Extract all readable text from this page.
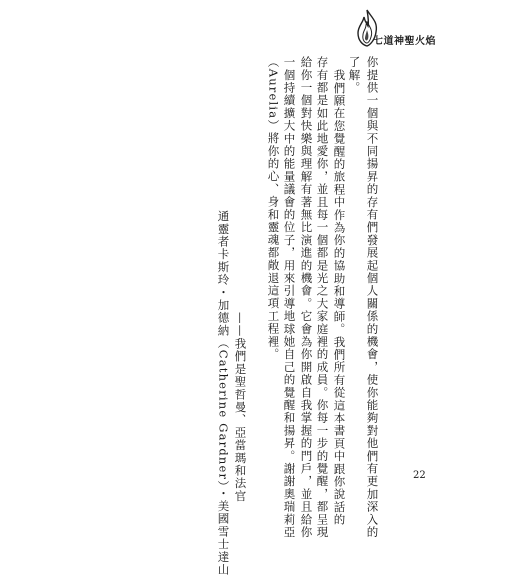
七道神聖火焰
你提供一個與不同揚昇的存有們發展起個人關係的機會，使你能夠對他們有更加深入的
了解。
我們願在您覺醒的旅程中作為你的協助和導師。我們所有從這本書頁中跟你說話的
存有都是如此地愛你，並且每一個都是光之大家庭裡的成員。你每一步的覺醒，都呈現
給你一個對快樂與理解有著無比演進的機會。它會為你開啟自我掌握的門戶，並且給你
一個持續擴大中的能量議會的位子，用來引導地球她自己的覺醒和揚昇。謝謝奧瑞莉亞
（Aurelia）將你的心、身和靈魂都敞退這項工程裡。
——我們是聖哲曼、亞當瑪和法官
通靈者卡斯玲・加德納（Catherine Gardner）・美國雪士達山	22
